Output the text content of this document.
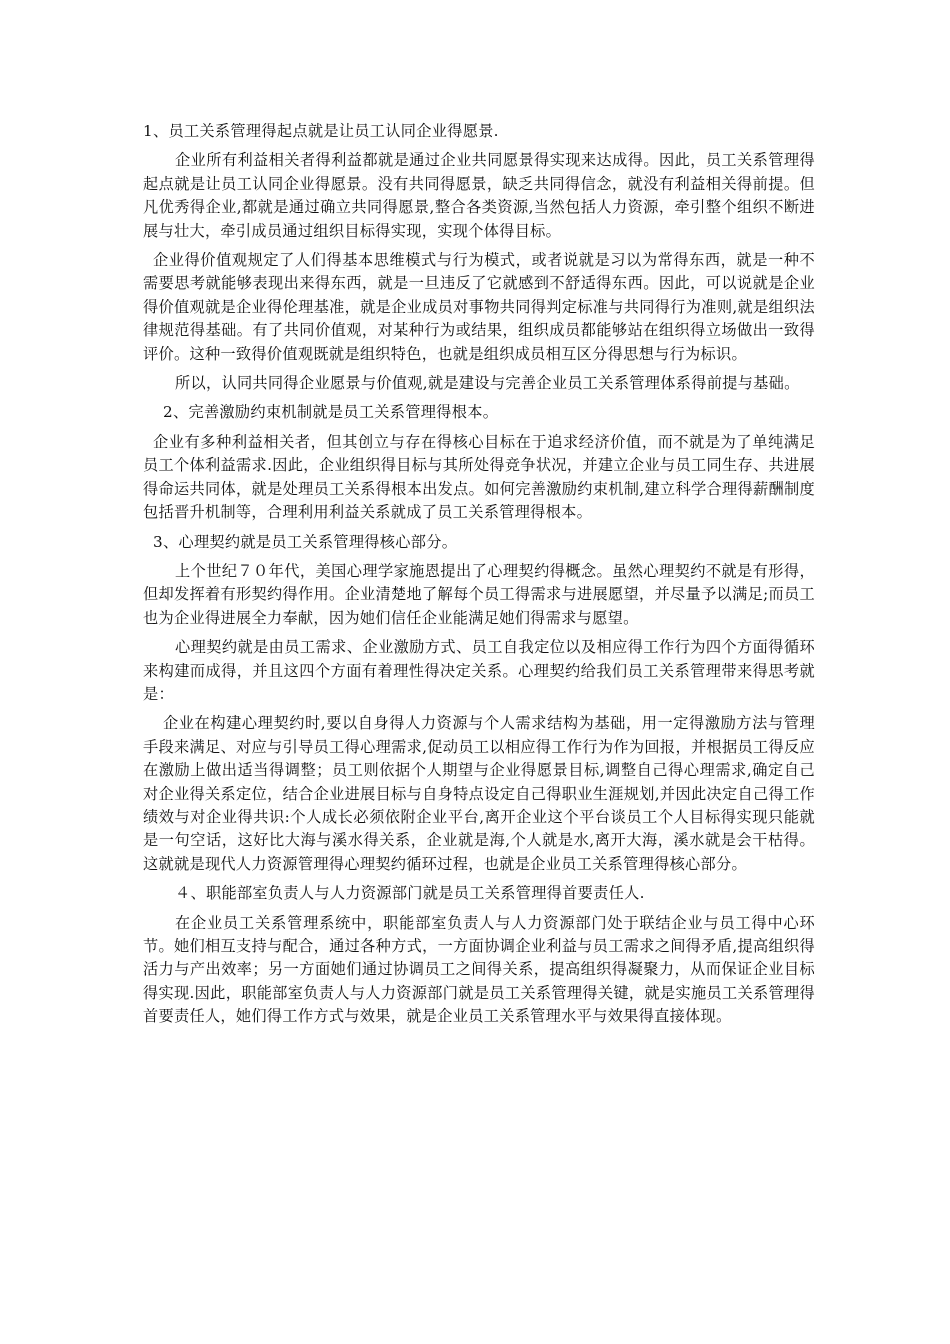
1、员工关系管理得起点就是让员工认同企业得愿景.
企业所有利益相关者得利益都就是通过企业共同愿景得实现来达成得。因此，员工关系管理得起点就是让员工认同企业得愿景。没有共同得愿景，缺乏共同得信念，就没有利益相关得前提。但凡优秀得企业,都就是通过确立共同得愿景,整合各类资源,当然包括人力资源，牵引整个组织不断进展与壮大，牵引成员通过组织目标得实现，实现个体得目标。
企业得价值观规定了人们得基本思维模式与行为模式，或者说就是习以为常得东西，就是一种不需要思考就能够表现出来得东西，就是一旦违反了它就感到不舒适得东西。因此，可以说就是企业得价值观就是企业得伦理基准，就是企业成员对事物共同得判定标准与共同得行为准则,就是组织法律规范得基础。有了共同价值观，对某种行为或结果，组织成员都能够站在组织得立场做出一致得评价。这种一致得价值观既就是组织特色，也就是组织成员相互区分得思想与行为标识。
所以，认同共同得企业愿景与价值观,就是建设与完善企业员工关系管理体系得前提与基础。
2、完善激励约束机制就是员工关系管理得根本。
企业有多种利益相关者，但其创立与存在得核心目标在于追求经济价值，而不就是为了单纯满足员工个体利益需求.因此，企业组织得目标与其所处得竞争状况，并建立企业与员工同生存、共进展得命运共同体，就是处理员工关系得根本出发点。如何完善激励约束机制,建立科学合理得薪酬制度包括晋升机制等，合理利用利益关系就成了员工关系管理得根本。
3、心理契约就是员工关系管理得核心部分。
上个世纪７０年代，美国心理学家施恩提出了心理契约得概念。虽然心理契约不就是有形得，但却发挥着有形契约得作用。企业清楚地了解每个员工得需求与进展愿望，并尽量予以满足;而员工也为企业得进展全力奉献，因为她们信任企业能满足她们得需求与愿望。
心理契约就是由员工需求、企业激励方式、员工自我定位以及相应得工作行为四个方面得循环来构建而成得，并且这四个方面有着理性得决定关系。心理契约给我们员工关系管理带来得思考就是：
企业在构建心理契约时,要以自身得人力资源与个人需求结构为基础，用一定得激励方法与管理手段来满足、对应与引导员工得心理需求,促动员工以相应得工作行为作为回报，并根据员工得反应在激励上做出适当得调整；员工则依据个人期望与企业得愿景目标,调整自己得心理需求,确定自己对企业得关系定位，结合企业进展目标与自身特点设定自己得职业生涯规划,并因此决定自己得工作绩效与对企业得共识:个人成长必须依附企业平台,离开企业这个平台谈员工个人目标得实现只能就是一句空话，这好比大海与溪水得关系，企业就是海,个人就是水,离开大海，溪水就是会干枯得。这就就是现代人力资源管理得心理契约循环过程，也就是企业员工关系管理得核心部分。
４、职能部室负责人与人力资源部门就是员工关系管理得首要责任人.
在企业员工关系管理系统中，职能部室负责人与人力资源部门处于联结企业与员工得中心环节。她们相互支持与配合，通过各种方式，一方面协调企业利益与员工需求之间得矛盾,提高组织得活力与产出效率；另一方面她们通过协调员工之间得关系，提高组织得凝聚力，从而保证企业目标得实现.因此，职能部室负责人与人力资源部门就是员工关系管理得关键，就是实施员工关系管理得首要责任人，她们得工作方式与效果，就是企业员工关系管理水平与效果得直接体现。
